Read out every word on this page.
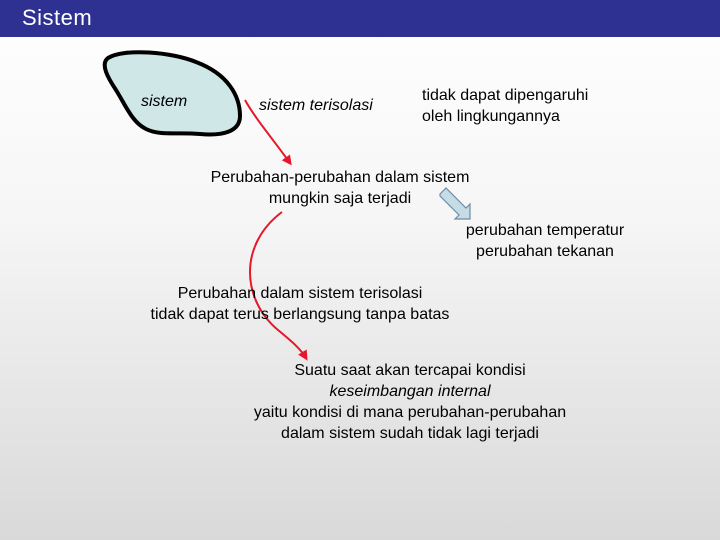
Sistem
sistem	sistem terisolasi
tidak dapat dipengaruhi
oleh lingkungannya
Perubahan-perubahan dalam sistem
mungkin saja terjadi
perubahan temperatur
perubahan tekanan
Perubahan dalam sistem terisolasi
tidak dapat terus berlangsung tanpa batas
Suatu saat akan tercapai kondisi
keseimbangan internal
yaitu kondisi di mana perubahan-perubahan
dalam sistem sudah tidak lagi terjadi
